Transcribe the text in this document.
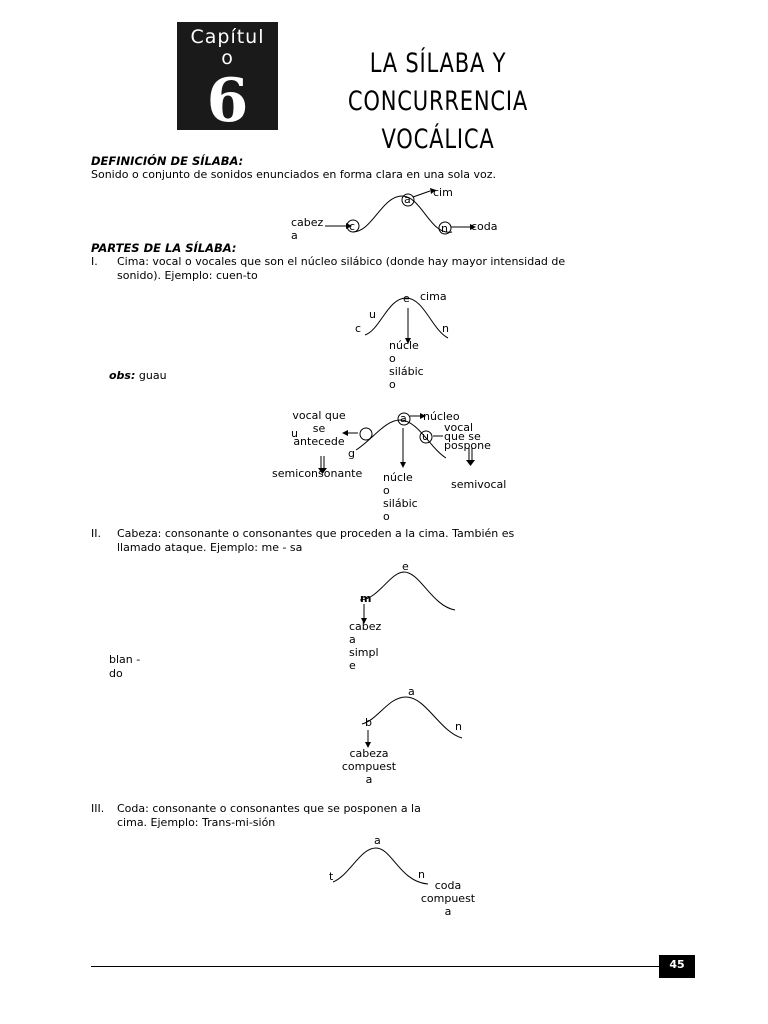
Capítul
o
6
LA SÍLABA Y CONCURRENCIA VOCÁLICA
DEFINICIÓN DE SÍLABA:
Sonido o conjunto de sonidos enunciados en forma clara en una sola voz.
cabez
a
c
a
cim
n coda
PARTES DE LA SÍLABA:
I. Cima: vocal o vocales que son el núcleo silábico (donde hay mayor intensidad de sonido). Ejemplo: cuen-to
e cima
u
c	n
núcle
o
silábic
o
obs: guau
vocal que
se
antecede
u
g
a núcleo
u
vocal
que se
pospone
semiconsonante núcle
o
silábic
o
semivocal
II. Cabeza: consonante o consonantes que proceden a la cima. También es llamado ataque. Ejemplo: me - sa
e
m
cabez
a
simpl
e
blan -
do
a
b	n
cabeza
compuest
a
III. Coda: consonante o consonantes que se posponen a la cima. Ejemplo: Trans-mi-sión
a
t	n
coda
compuest
a
45
